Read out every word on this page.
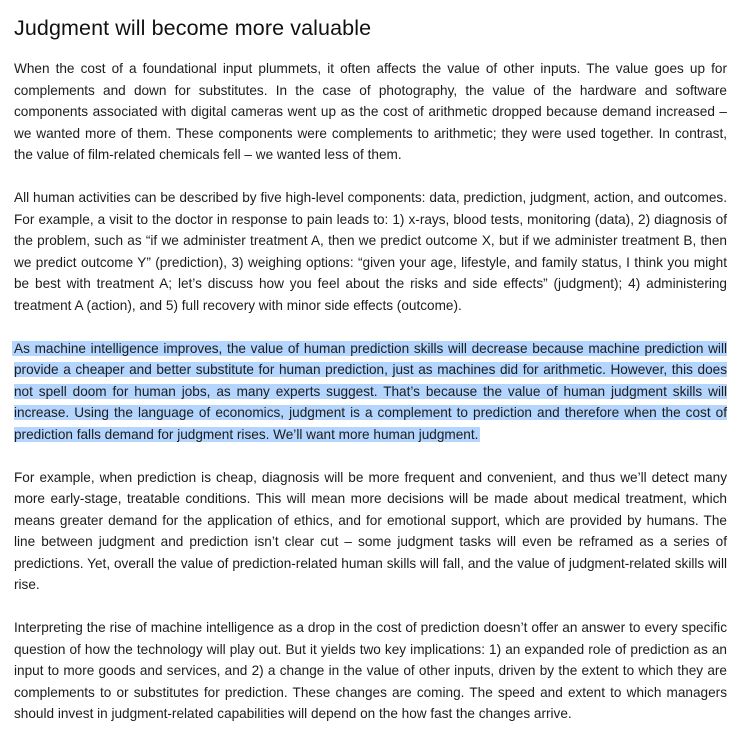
Judgment will become more valuable

When the cost of a foundational input plummets, it often affects the value of other inputs. The value goes up for complements and down for substitutes. In the case of photography, the value of the hardware and software components associated with digital cameras went up as the cost of arithmetic dropped because demand increased – we wanted more of them. These components were complements to arithmetic; they were used together. In contrast, the value of film-related chemicals fell – we wanted less of them.

All human activities can be described by five high-level components: data, prediction, judgment, action, and outcomes. For example, a visit to the doctor in response to pain leads to: 1) x-rays, blood tests, monitoring (data), 2) diagnosis of the problem, such as “if we administer treatment A, then we predict outcome X, but if we administer treatment B, then we predict outcome Y” (prediction), 3) weighing options: “given your age, lifestyle, and family status, I think you might be best with treatment A; let’s discuss how you feel about the risks and side effects” (judgment); 4) administering treatment A (action), and 5) full recovery with minor side effects (outcome).

As machine intelligence improves, the value of human prediction skills will decrease because machine prediction will provide a cheaper and better substitute for human prediction, just as machines did for arithmetic. However, this does not spell doom for human jobs, as many experts suggest. That’s because the value of human judgment skills will increase. Using the language of economics, judgment is a complement to prediction and therefore when the cost of prediction falls demand for judgment rises. We’ll want more human judgment.

For example, when prediction is cheap, diagnosis will be more frequent and convenient, and thus we’ll detect many more early-stage, treatable conditions. This will mean more decisions will be made about medical treatment, which means greater demand for the application of ethics, and for emotional support, which are provided by humans. The line between judgment and prediction isn’t clear cut – some judgment tasks will even be reframed as a series of predictions. Yet, overall the value of prediction-related human skills will fall, and the value of judgment-related skills will rise.

Interpreting the rise of machine intelligence as a drop in the cost of prediction doesn’t offer an answer to every specific question of how the technology will play out. But it yields two key implications: 1) an expanded role of prediction as an input to more goods and services, and 2) a change in the value of other inputs, driven by the extent to which they are complements to or substitutes for prediction. These changes are coming. The speed and extent to which managers should invest in judgment-related capabilities will depend on the how fast the changes arrive.
